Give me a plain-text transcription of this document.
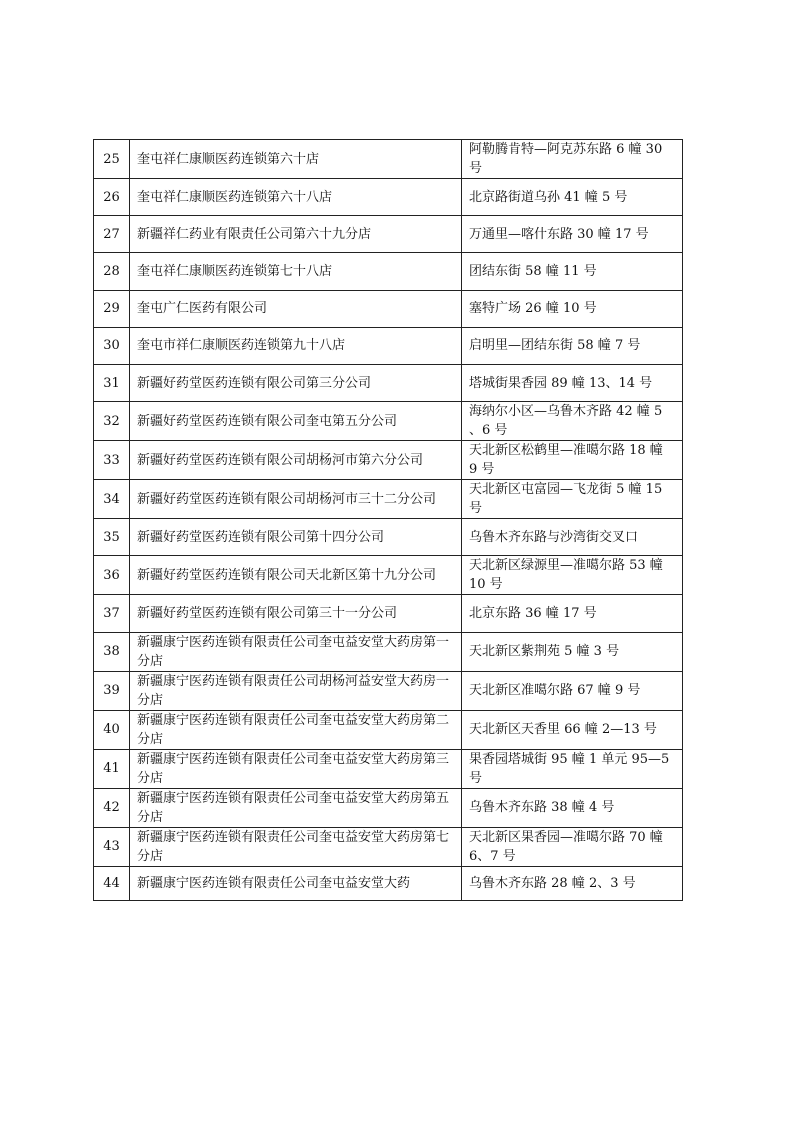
25	奎屯祥仁康顺医药连锁第六十店	阿勒腾肯特—阿克苏东路 6 幢 30 号
26	奎屯祥仁康顺医药连锁第六十八店	北京路街道乌孙 41 幢 5 号
27	新疆祥仁药业有限责任公司第六十九分店	万通里—喀什东路 30 幢 17 号
28	奎屯祥仁康顺医药连锁第七十八店	团结东街 58 幢 11 号
29	奎屯广仁医药有限公司	塞特广场 26 幢 10 号
30	奎屯市祥仁康顺医药连锁第九十八店	启明里—团结东街 58 幢 7 号
31	新疆好药堂医药连锁有限公司第三分公司	塔城街果香园 89 幢 13、14 号
32	新疆好药堂医药连锁有限公司奎屯第五分公司	海纳尔小区—乌鲁木齐路 42 幢 5 、6 号
33	新疆好药堂医药连锁有限公司胡杨河市第六分公司	天北新区松鹤里—准噶尔路 18 幢 9 号
34	新疆好药堂医药连锁有限公司胡杨河市三十二分公司	天北新区屯富园—飞龙街 5 幢 15 号
35	新疆好药堂医药连锁有限公司第十四分公司	乌鲁木齐东路与沙湾街交叉口
36	新疆好药堂医药连锁有限公司天北新区第十九分公司	天北新区绿源里—准噶尔路 53 幢 10 号
37	新疆好药堂医药连锁有限公司第三十一分公司	北京东路 36 幢 17 号
38	新疆康宁医药连锁有限责任公司奎屯益安堂大药房第一分店	天北新区紫荆苑 5 幢 3 号
39	新疆康宁医药连锁有限责任公司胡杨河益安堂大药房一分店	天北新区准噶尔路 67 幢 9 号
40	新疆康宁医药连锁有限责任公司奎屯益安堂大药房第二分店	天北新区天香里 66 幢 2—13 号
41	新疆康宁医药连锁有限责任公司奎屯益安堂大药房第三分店	果香园塔城街 95 幢 1 单元 95—5 号
42	新疆康宁医药连锁有限责任公司奎屯益安堂大药房第五分店	乌鲁木齐东路 38 幢 4 号
43	新疆康宁医药连锁有限责任公司奎屯益安堂大药房第七分店	天北新区果香园—准噶尔路 70 幢 6、7 号
44	新疆康宁医药连锁有限责任公司奎屯益安堂大药	乌鲁木齐东路 28 幢 2、3 号
